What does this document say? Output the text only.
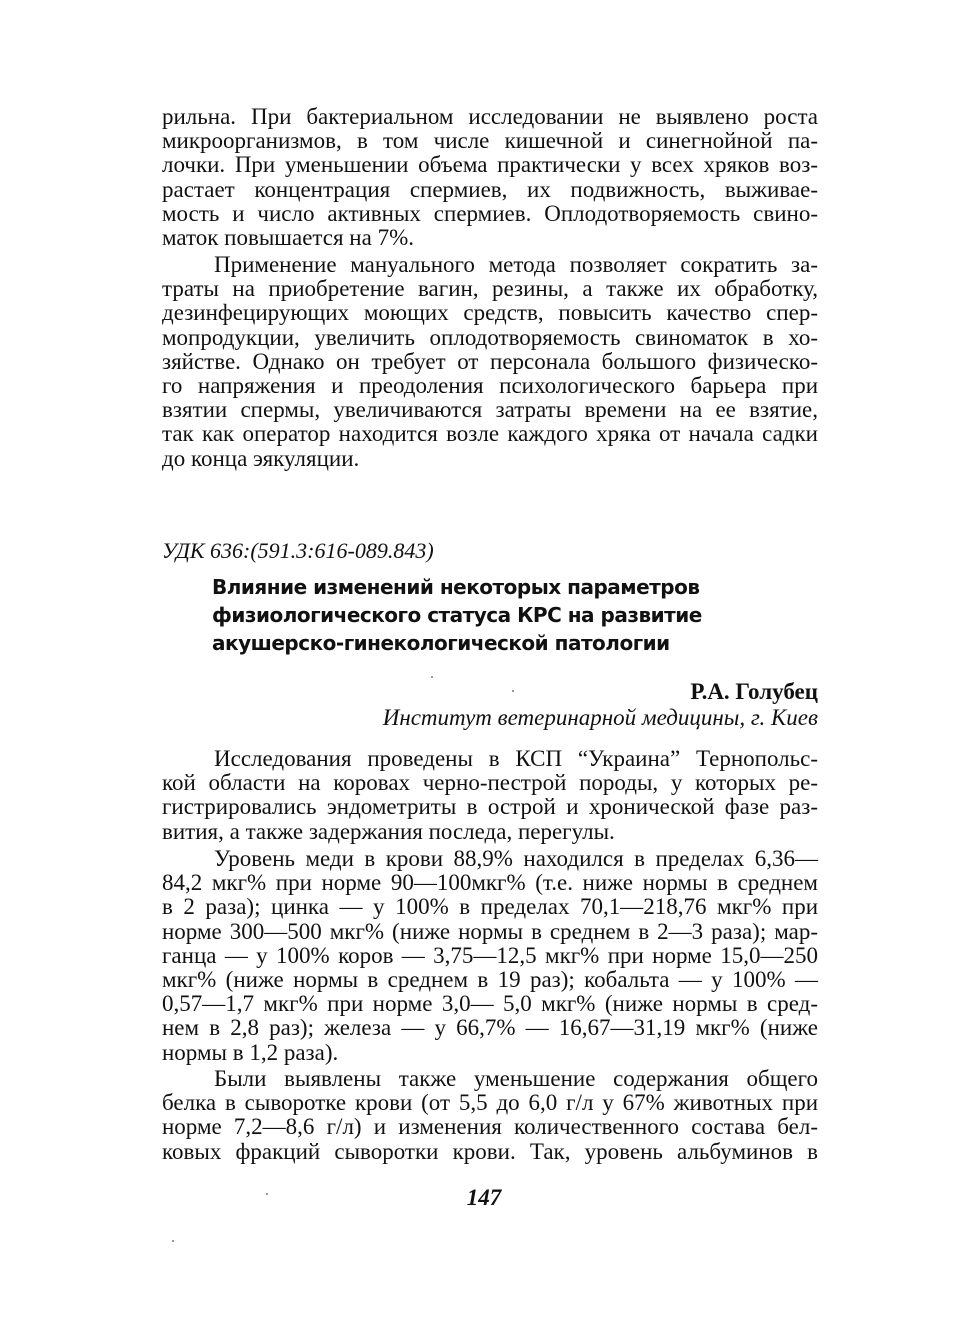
рильна. При бактериальном исследовании не выявлено роста
микроорганизмов, в том числе кишечной и синегнойной па-
лочки. При уменьшении объема практически у всех хряков воз-
растает концентрация спермиев, их подвижность, выживае-
мость и число активных спермиев. Оплодотворяемость свино-
маток повышается на 7%.
Применение мануального метода позволяет сократить за-
траты на приобретение вагин, резины, а также их обработку,
дезинфецирующих моющих средств, повысить качество спер-
мопродукции, увеличить оплодотворяемость свиноматок в хо-
зяйстве. Однако он требует от персонала большого физическо-
го напряжения и преодоления психологического барьера при
взятии спермы, увеличиваются затраты времени на ее взятие,
так как оператор находится возле каждого хряка от начала садки
до конца эякуляции.
УДК 636:(591.3:616-089.843)
Влияние изменений некоторых параметров
физиологического статуса КРС на развитие
акушерско-гинекологической патологии
Р.А. Голубец
Институт ветеринарной медицины, г. Киев
Исследования проведены в КСП “Украина” Тернопольс-
кой области на коровах черно-пестрой породы, у которых ре-
гистрировались эндометриты в острой и хронической фазе раз-
вития, а также задержания последа, перегулы.
Уровень меди в крови 88,9% находился в пределах 6,36—
84,2 мкг% при норме 90—100мкг% (т.е. ниже нормы в среднем
в 2 раза); цинка — у 100% в пределах 70,1—218,76 мкг% при
норме 300—500 мкг% (ниже нормы в среднем в 2—3 раза); мар-
ганца — у 100% коров — 3,75—12,5 мкг% при норме 15,0—250
мкг% (ниже нормы в среднем в 19 раз); кобальта — у 100% —
0,57—1,7 мкг% при норме 3,0— 5,0 мкг% (ниже нормы в сред-
нем в 2,8 раз); железа — у 66,7% — 16,67—31,19 мкг% (ниже
нормы в 1,2 раза).
Были выявлены также уменьшение содержания общего
белка в сыворотке крови (от 5,5 до 6,0 г/л у 67% животных при
норме 7,2—8,6 г/л) и изменения количественного состава бел-
ковых фракций сыворотки крови. Так, уровень альбуминов в
147
